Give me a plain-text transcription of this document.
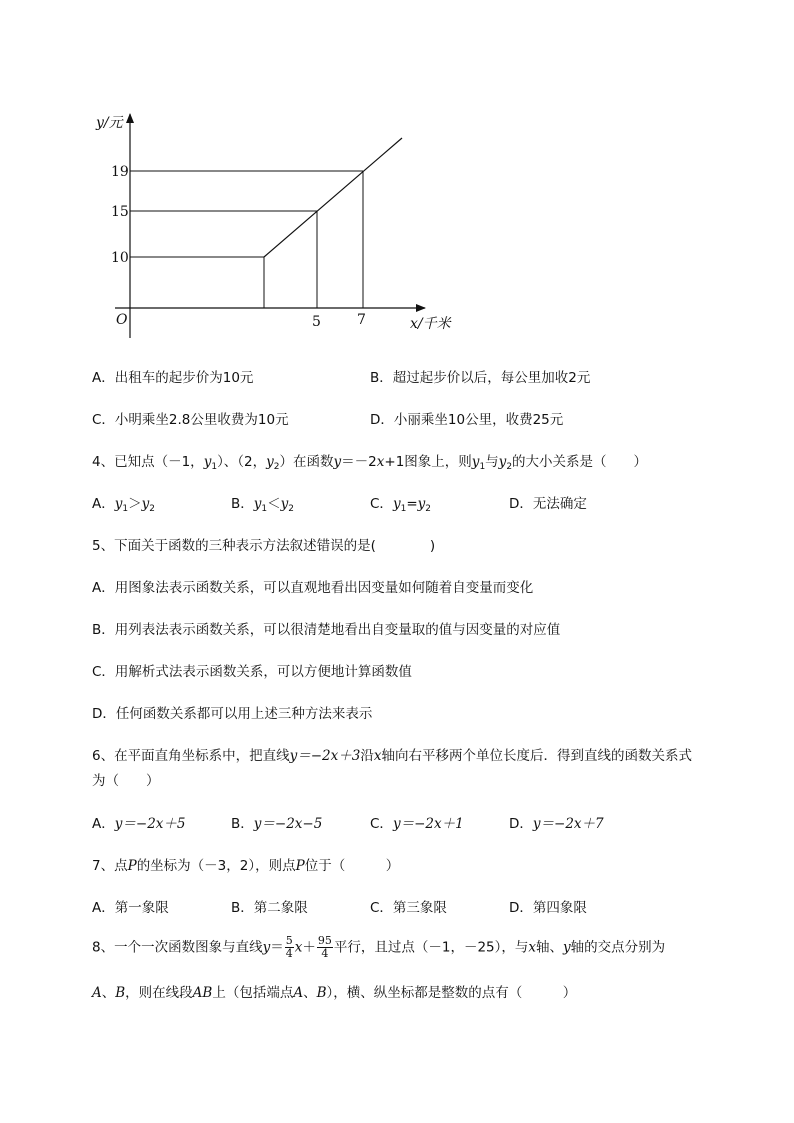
y/元
19
15
10
O	5	7	x/千米
A．出租车的起步价为10元	B．超过起步价以后，每公里加收2元
C．小明乘坐2.8公里收费为10元	D．小丽乘坐10公里，收费25元
4、已知点（－1，$y_1$）、（2，$y_2$）在函数y＝－2x+1图象上，则$y_1$与$y_2$的大小关系是（　　）
A．$y_1>y_2$	B．$y_1<y_2$	C．$y_1=y_2$	D．无法确定
5、下面关于函数的三种表示方法叙述错误的是(　　　　)
A．用图象法表示函数关系，可以直观地看出因变量如何随着自变量而变化
B．用列表法表示函数关系，可以很清楚地看出自变量取的值与因变量的对应值
C．用解析式法表示函数关系，可以方便地计算函数值
D．任何函数关系都可以用上述三种方法来表示
6、在平面直角坐标系中，把直线y＝−2x＋3沿x轴向右平移两个单位长度后．得到直线的函数关系式
为（　　）
A．y＝−2x＋5	B．y＝−2x−5	C．y＝−2x＋1	D．y＝−2x＋7
7、点P的坐标为（－3，2），则点P位于（　　　）
A．第一象限	B．第二象限	C．第三象限	D．第四象限
8、一个一次函数图象与直线$y= \frac{5}{4} x+ \frac{95}{4}$ 平行，且过点（－1，－25），与x轴、y轴的交点分别为
A、B，则在线段AB上（包括端点A、B），横、纵坐标都是整数的点有（　　　）
